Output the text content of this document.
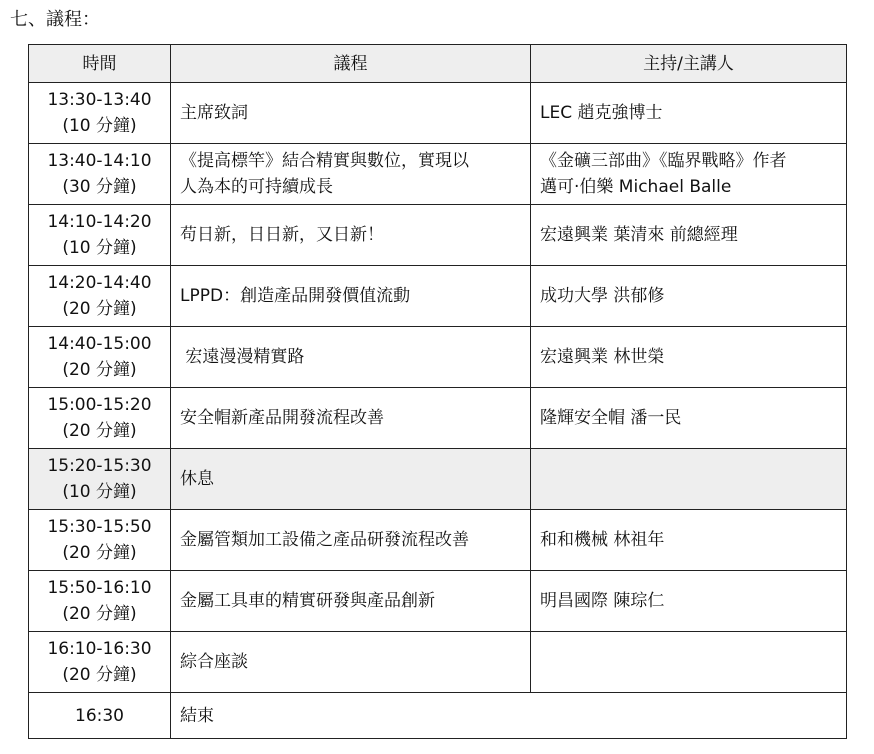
七、議程：
時間	議程	主持/主講人

13:30-13:40
(10 分鐘)	主席致詞	LEC 趙克強博士

13:40-14:10
(30 分鐘)	《提高標竿》結合精實與數位，實現以
人為本的可持續成長	《金礦三部曲》《臨界戰略》作者
邁可·伯樂 Michael Balle

14:10-14:20
(10 分鐘)	苟日新，日日新，又日新！	宏遠興業 葉清來 前總經理

14:20-14:40
(20 分鐘)	LPPD：創造產品開發價值流動	成功大學 洪郁修

14:40-15:00
(20 分鐘)	宏遠漫漫精實路	宏遠興業 林世榮

15:00-15:20
(20 分鐘)	安全帽新產品開發流程改善	隆輝安全帽 潘一民

15:20-15:30
(10 分鐘)	休息	

15:30-15:50
(20 分鐘)	金屬管類加工設備之產品研發流程改善	和和機械 林祖年

15:50-16:10
(20 分鐘)	金屬工具車的精實研發與產品創新	明昌國際 陳琮仁

16:10-16:30
(20 分鐘)	綜合座談	

16:30	結束	
